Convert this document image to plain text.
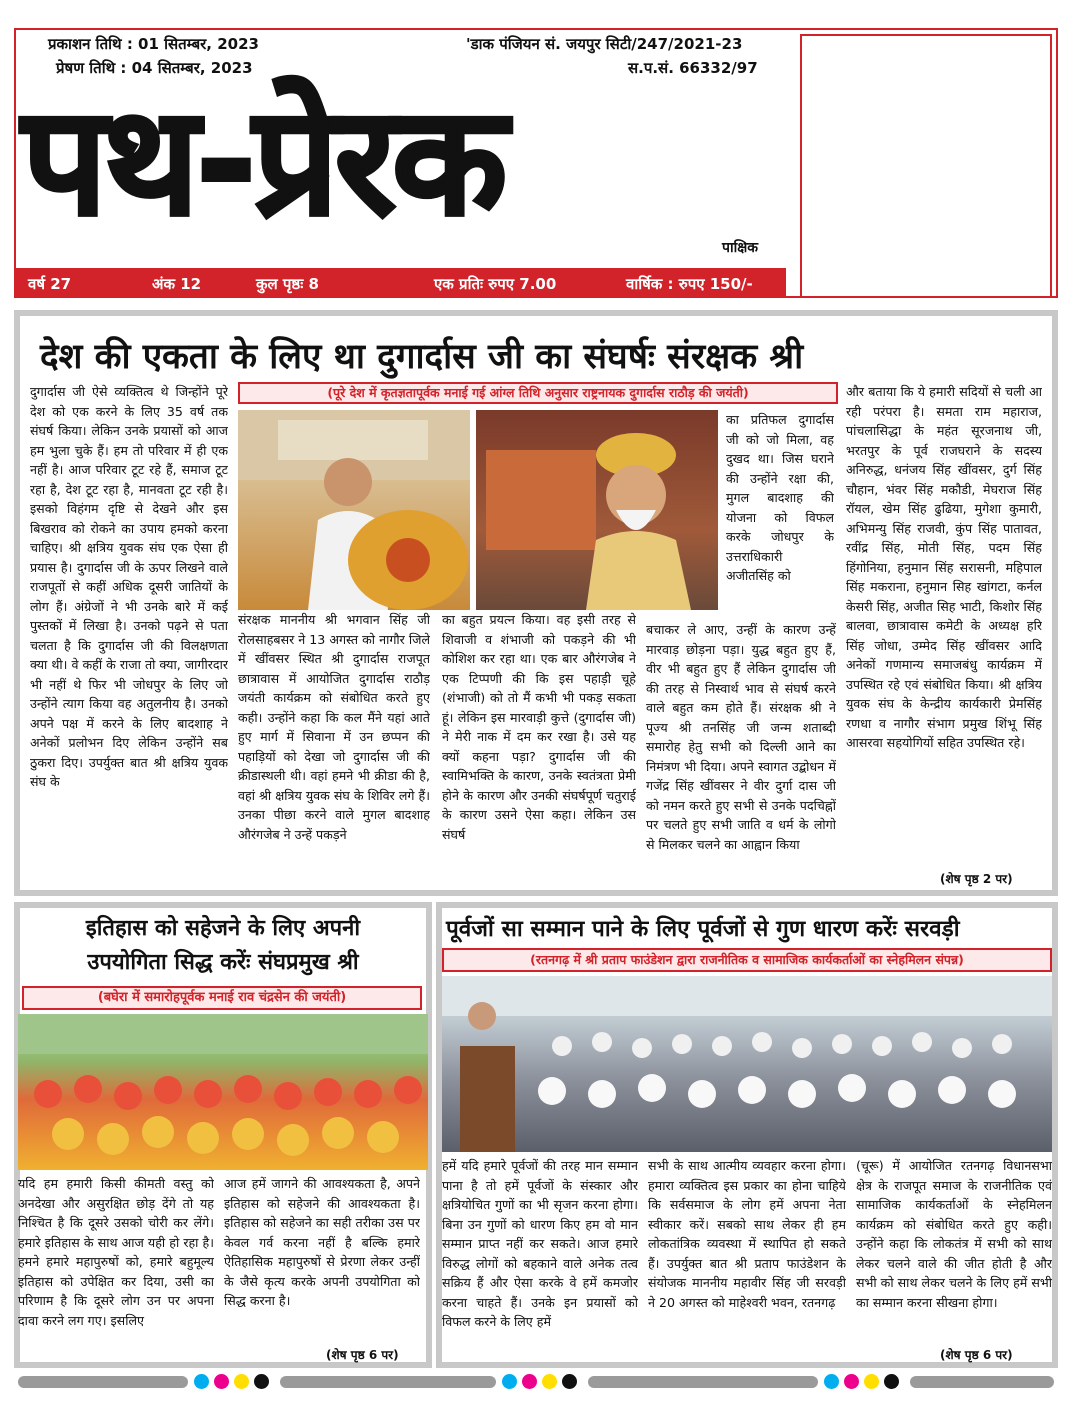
प्रकाशन तिथि : 01 सितम्बर, 2023
प्रेषण तिथि : 04 सितम्बर, 2023
'डाक पंजियन सं. जयपुर सिटी/247/2021-23
स.प.सं. 66332/97
पथ-प्रेरक	पाक्षिक
वर्ष 27	अंक 12	कुल पृष्ठः 8	एक प्रतिः रुपए 7.00	वार्षिक : रुपए 150/-
देश की एकता के लिए था दुगार्दास जी का संघर्षः संरक्षक श्री
(पूरे देश में कृतज्ञतापूर्वक मनाई गई आंग्ल तिथि अनुसार राष्ट्रनायक दुगार्दास राठौड़ की जयंती)
दुगार्दास जी ऐसे व्यक्तित्व थे जिन्होंने पूरे देश को एक करने के लिए 35 वर्ष तक संघर्ष किया। लेकिन उनके प्रयासों को आज हम भुला चुके हैं। हम तो परिवार में ही एक नहीं है। आज परिवार टूट रहे हैं, समाज टूट रहा है, देश टूट रहा है, मानवता टूट रही है। इसको विहंगम दृष्टि से देखने और इस बिखराव को रोकने का उपाय हमको करना चाहिए। श्री क्षत्रिय युवक संघ एक ऐसा ही प्रयास है। दुगार्दास जी के ऊपर लिखने वाले राजपूतों से कहीं अधिक दूसरी जातियों के लोग हैं। अंग्रेजों ने भी उनके बारे में कई पुस्तकों में लिखा है। उनको पढ़ने से पता चलता है कि दुगार्दास जी की विलक्षणता क्या थी। वे कहीं के राजा तो क्या, जागीरदार भी नहीं थे फिर भी जोधपुर के लिए जो उन्होंने त्याग किया वह अतुलनीय है। उनको अपने पक्ष में करने के लिए बादशाह ने अनेकों प्रलोभन दिए लेकिन उन्होंने सब ठुकरा दिए। उपर्युक्त बात श्री क्षत्रिय युवक संघ के
संरक्षक माननीय श्री भगवान सिंह जी रोलसाहबसर ने 13 अगस्त को नागौर जिले में खींवसर स्थित श्री दुगार्दास राजपूत छात्रावास में आयोजित दुगार्दास राठौड़ जयंती कार्यक्रम को संबोधित करते हुए कही। उन्होंने कहा कि कल मैंने यहां आते हुए मार्ग में सिवाना में उन छप्पन की पहाड़ियों को देखा जो दुगार्दास जी की क्रीडास्थली थी। वहां हमने भी क्रीडा की है, वहां श्री क्षत्रिय युवक संघ के शिविर लगे हैं। उनका पीछा करने वाले मुगल बादशाह औरंगजेब ने उन्हें पकड़ने
का बहुत प्रयत्न किया। वह इसी तरह से शिवाजी व शंभाजी को पकड़ने की भी कोशिश कर रहा था। एक बार औरंगजेब ने एक टिप्पणी की कि इस पहाड़ी चूहे (शंभाजी) को तो मैं कभी भी पकड़ सकता हूं। लेकिन इस मारवाड़ी कुत्ते (दुगार्दास जी) ने मेरी नाक में दम कर रखा है। उसे यह क्यों कहना पड़ा? दुगार्दास जी की स्वामिभक्ति के कारण, उनके स्वतंत्रता प्रेमी होने के कारण और उनकी संघर्षपूर्ण चतुराई के कारण उसने ऐसा कहा। लेकिन उस संघर्ष
का प्रतिफल दुगार्दास जी को जो मिला, वह दुखद था। जिस घराने की उन्होंने रक्षा की, मुगल बादशाह की योजना को विफल करके जोधपुर के उत्तराधिकारी अजीतसिंह को
बचाकर ले आए, उन्हीं के कारण उन्हें मारवाड़ छोड़ना पड़ा। युद्ध बहुत हुए हैं, वीर भी बहुत हुए हैं लेकिन दुगार्दास जी की तरह से निस्वार्थ भाव से संघर्ष करने वाले बहुत कम होते हैं। संरक्षक श्री ने पूज्य श्री तनसिंह जी जन्म शताब्दी समारोह हेतु सभी को दिल्ली आने का निमंत्रण भी दिया। अपने स्वागत उद्बोधन में गजेंद्र सिंह खींवसर ने वीर दुर्गा दास जी को नमन करते हुए सभी से उनके पदचिह्नों पर चलते हुए सभी जाति व धर्म के लोगो से मिलकर चलने का आह्वान किया
और बताया कि ये हमारी सदियों से चली आ रही परंपरा है। समता राम महाराज, पांचलासिद्धा के महंत सूरजनाथ जी, भरतपुर के पूर्व राजघराने के सदस्य अनिरुद्ध, धनंजय सिंह खींवसर, दुर्ग सिंह चौहान, भंवर सिंह मकौडी, मेघराज सिंह रॉयल, खेम सिंह ढुढिया, मुगेशा कुमारी, अभिमन्यु सिंह राजवी, कुंप सिंह पातावत, रवींद्र सिंह, मोती सिंह, पदम सिंह हिंगोनिया, हनुमान सिंह सरासनी, महिपाल सिंह मकराना, हनुमान सिह खांगटा, कर्नल केसरी सिंह, अजीत सिह भाटी, किशोर सिंह बालवा, छात्रावास कमेटी के अध्यक्ष हरि सिंह जोधा, उम्मेद सिंह खींवसर आदि अनेकों गणमान्य समाजबंधु कार्यक्रम में उपस्थित रहे एवं संबोधित किया। श्री क्षत्रिय युवक संघ के केन्द्रीय कार्यकारी प्रेमसिंह रणधा व नागौर संभाग प्रमुख शिंभू सिंह आसरवा सहयोगियों सहित उपस्थित रहे।
(शेष पृष्ठ 2 पर)
इतिहास को सहेजने के लिए अपनी
उपयोगिता सिद्ध करेंः संघप्रमुख श्री
(बघेरा में समारोहपूर्वक मनाई राव चंद्रसेन की जयंती)
यदि हम हमारी किसी कीमती वस्तु को अनदेखा और असुरक्षित छोड़ देंगे तो यह निश्चित है कि दूसरे उसको चोरी कर लेंगे। हमारे इतिहास के साथ आज यही हो रहा है। हमने हमारे महापुरुषों को, हमारे बहुमूल्य इतिहास को उपेक्षित कर दिया, उसी का परिणाम है कि दूसरे लोग उन पर अपना दावा करने लग गए। इसलिए
आज हमें जागने की आवश्यकता है, अपने इतिहास को सहेजने की आवश्यकता है। इतिहास को सहेजने का सही तरीका उस पर केवल गर्व करना नहीं है बल्कि हमारे ऐतिहासिक महापुरुषों से प्रेरणा लेकर उन्हीं के जैसे कृत्य करके अपनी उपयोगिता को सिद्ध करना है।
(शेष पृष्ठ 6 पर)
पूर्वजों सा सम्मान पाने के लिए पूर्वजों से गुण धारण करेंः सरवड़ी
(रतनगढ़ में श्री प्रताप फाउंडेशन द्वारा राजनीतिक व सामाजिक कार्यकर्ताओं का स्नेहमिलन संपन्न)
हमें यदि हमारे पूर्वजों की तरह मान सम्मान पाना है तो हमें पूर्वजों के संस्कार और क्षत्रियोचित गुणों का भी सृजन करना होगा। बिना उन गुणों को धारण किए हम वो मान सम्मान प्राप्त नहीं कर सकते। आज हमारे विरुद्ध लोगों को बहकाने वाले अनेक तत्व सक्रिय हैं और ऐसा करके वे हमें कमजोर करना चाहते हैं। उनके इन प्रयासों को विफल करने के लिए हमें
सभी के साथ आत्मीय व्यवहार करना होगा। हमारा व्यक्तित्व इस प्रकार का होना चाहिये कि सर्वसमाज के लोग हमें अपना नेता स्वीकार करें। सबको साथ लेकर ही हम लोकतांत्रिक व्यवस्था में स्थापित हो सकते हैं। उपर्युक्त बात श्री प्रताप फाउंडेशन के संयोजक माननीय महावीर सिंह जी सरवड़ी ने 20 अगस्त को माहेश्वरी भवन, रतनगढ़
(चूरू) में आयोजित रतनगढ़ विधानसभा क्षेत्र के राजपूत समाज के राजनीतिक एवं सामाजिक कार्यकर्ताओं के स्नेहमिलन कार्यक्रम को संबोधित करते हुए कही। उन्होंने कहा कि लोकतंत्र में सभी को साथ लेकर चलने वाले की जीत होती है और सभी को साथ लेकर चलने के लिए हमें सभी का सम्मान करना सीखना होगा।
(शेष पृष्ठ 6 पर)
